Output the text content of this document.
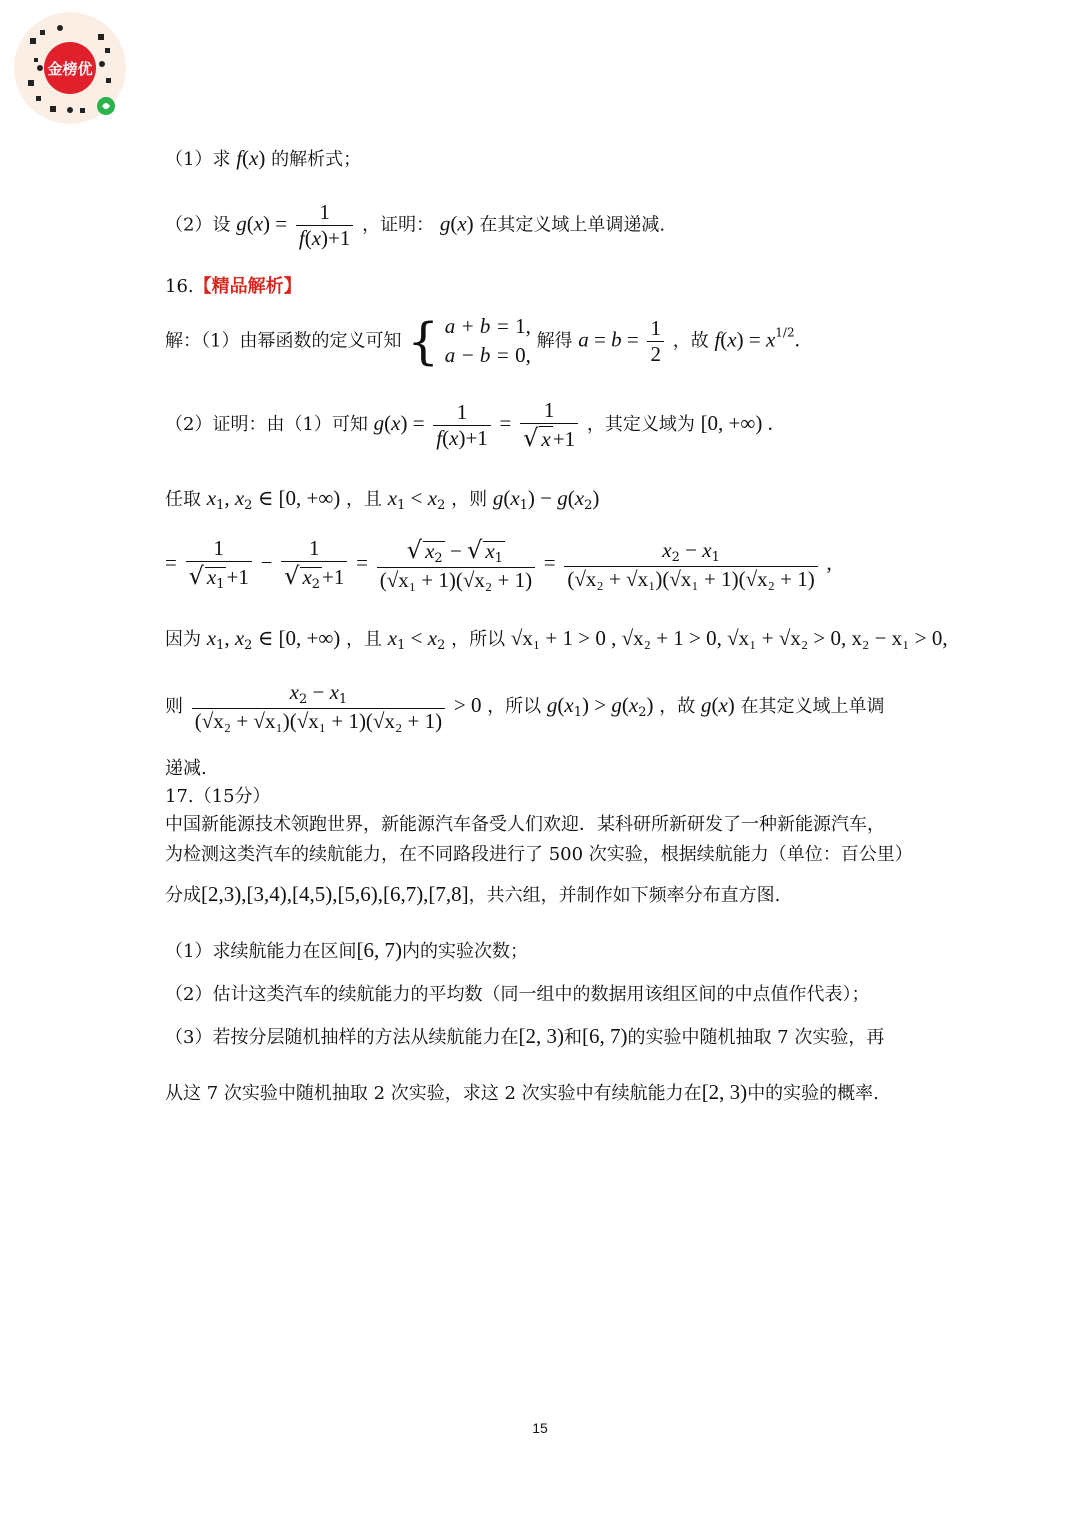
金榜优
（1）求 f(x) 的解析式；
（2）设 $g(x) = \frac{1}{f(x)+1}$ ，证明： g(x) 在其定义域上单调递减.
16.【精品解析】
解：（1）由幂函数的定义可知 { a + b = 1,
a − b = 0,
解得 $a = b = \frac{1}{2}$ ，故 $f(x) = x^{1/2}$.
（2）证明：由（1）可知 $g(x) = \frac{1}{f(x)+1} = \frac{1}{√ x+1}$ ，其定义域为 [0, +∞) .
任取 $x_1$, $x_2$ ∈ [0, +∞) ，且 $x_1 < x_2$ ，则 $g(x_1) - g(x_2)$
= $\frac{1}{√ x_1+1} - \frac{1}{√ x_2+1} = \frac{√ x_2 - √ x_1}{\text{(√x₁ + 1)(√x₂ + 1)}} = \frac{x_2 - x_1}{\text{(√x₂ + √x₁)(√x₁ + 1)(√x₂ + 1)}}$ ,
因为 $x_1$, $x_2$ ∈ [0, +∞) ，且 $x_1 < x_2$ ，所以 √x₁ + 1 > 0 , √x₂ + 1 > 0, √x₁ + √x₂ > 0, x₂ − x₁ > 0,
则 $\frac{x_2 - x_1}{\text{(√x₂ + √x₁)(√x₁ + 1)(√x₂ + 1)}} > 0$ ，所以 $g(x_1) > g(x_2)$ ，故 g(x) 在其定义域上单调
递减.
17.（15分）
中国新能源技术领跑世界，新能源汽车备受人们欢迎．某科研所新研发了一种新能源汽车，
为检测这类汽车的续航能力，在不同路段进行了 500 次实验，根据续航能力（单位：百公里）
分成[2,3),[3,4),[4,5),[5,6),[6,7),[7,8]，共六组，并制作如下频率分布直方图.
（1）求续航能力在区间[6, 7)内的实验次数；
（2）估计这类汽车的续航能力的平均数（同一组中的数据用该组区间的中点值作代表）；
（3）若按分层随机抽样的方法从续航能力在[2, 3)和[6, 7)的实验中随机抽取 7 次实验，再
从这 7 次实验中随机抽取 2 次实验，求这 2 次实验中有续航能力在[2, 3)中的实验的概率.
15
